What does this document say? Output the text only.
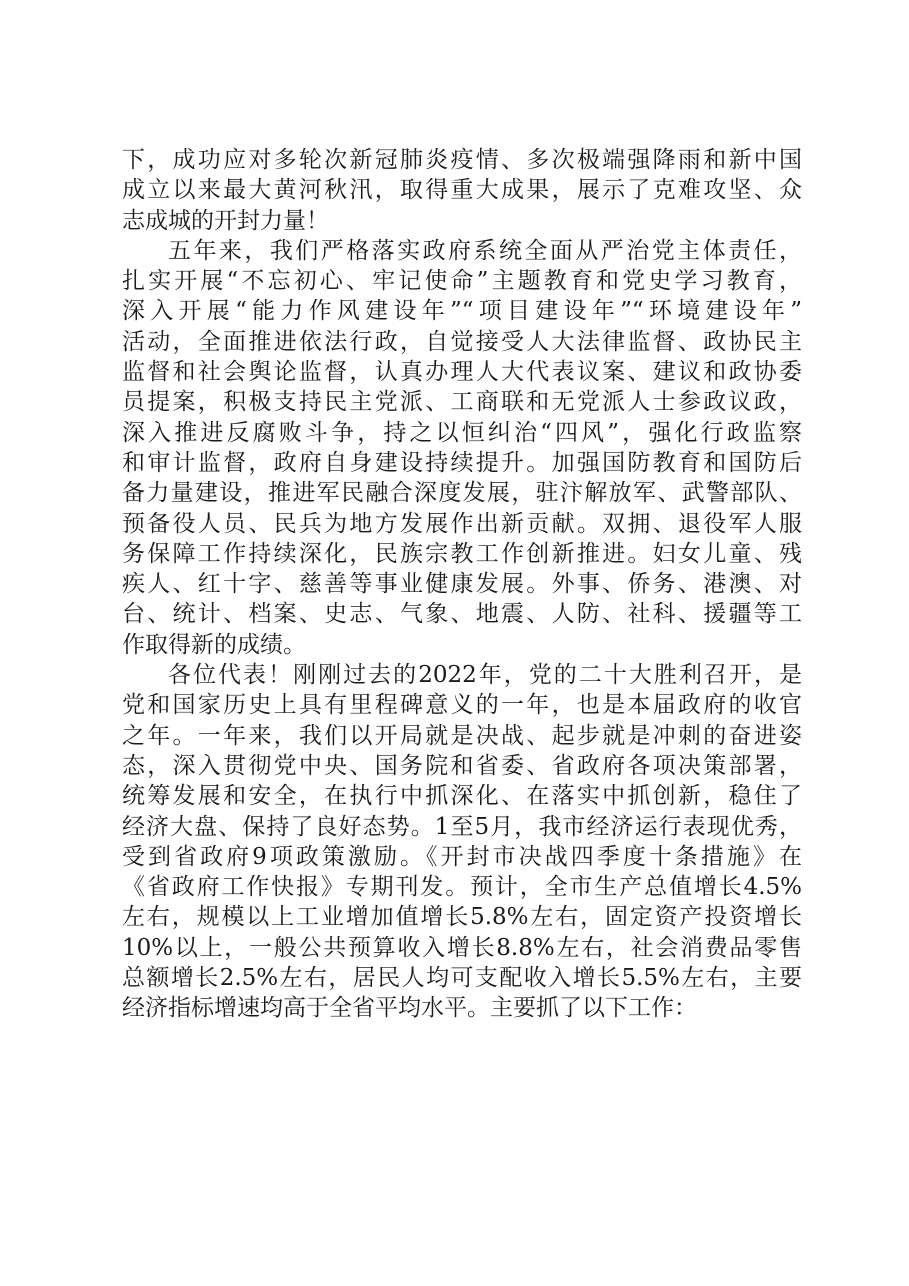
下，成功应对多轮次新冠肺炎疫情、多次极端强降雨和新中国
成立以来最大黄河秋汛，取得重大成果，展示了克难攻坚、众
志成城的开封力量！
五年来，我们严格落实政府系统全面从严治党主体责任，
扎实开展“不忘初心、牢记使命”主题教育和党史学习教育，
深入开展“能力作风建设年”“项目建设年”“环境建设年”
活动，全面推进依法行政，自觉接受人大法律监督、政协民主
监督和社会舆论监督，认真办理人大代表议案、建议和政协委
员提案，积极支持民主党派、工商联和无党派人士参政议政，
深入推进反腐败斗争，持之以恒纠治“四风”，强化行政监察
和审计监督，政府自身建设持续提升。加强国防教育和国防后
备力量建设，推进军民融合深度发展，驻汴解放军、武警部队、
预备役人员、民兵为地方发展作出新贡献。双拥、退役军人服
务保障工作持续深化，民族宗教工作创新推进。妇女儿童、残
疾人、红十字、慈善等事业健康发展。外事、侨务、港澳、对
台、统计、档案、史志、气象、地震、人防、社科、援疆等工
作取得新的成绩。
各位代表！刚刚过去的2022年，党的二十大胜利召开，是
党和国家历史上具有里程碑意义的一年，也是本届政府的收官
之年。一年来，我们以开局就是决战、起步就是冲刺的奋进姿
态，深入贯彻党中央、国务院和省委、省政府各项决策部署，
统筹发展和安全，在执行中抓深化、在落实中抓创新，稳住了
经济大盘、保持了良好态势。1至5月，我市经济运行表现优秀，
受到省政府9项政策激励。《开封市决战四季度十条措施》在
《省政府工作快报》专期刊发。预计，全市生产总值增长4.5%
左右，规模以上工业增加值增长5.8%左右，固定资产投资增长
10%以上，一般公共预算收入增长8.8%左右，社会消费品零售
总额增长2.5%左右，居民人均可支配收入增长5.5%左右，主要
经济指标增速均高于全省平均水平。主要抓了以下工作：
